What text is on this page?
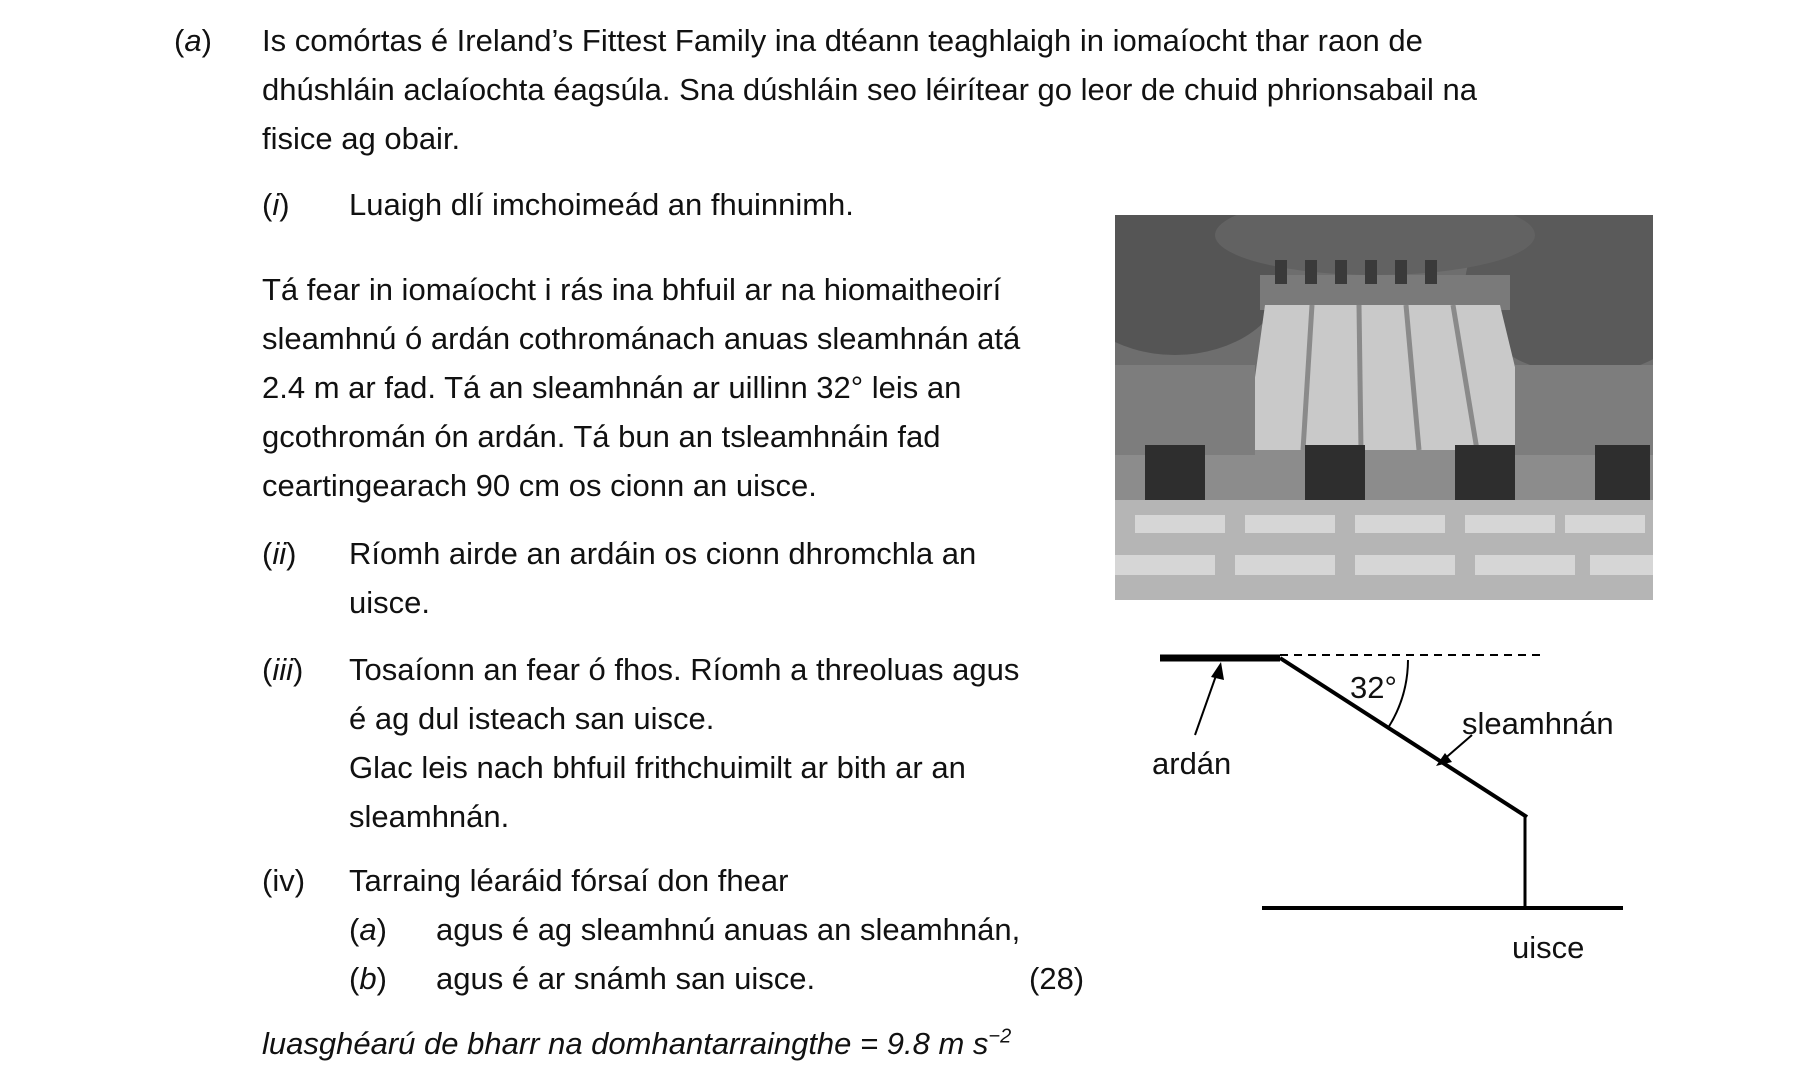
(a) Is comórtas é Ireland’s Fittest Family ina dtéann teaghlaigh in iomaíocht thar raon de
dhúshláin aclaíochta éagsúla. Sna dúshláin seo léirítear go leor de chuid phrionsabail na
fisice ag obair.
(i) Luaigh dlí imchoimeád an fhuinnimh.
Tá fear in iomaíocht i rás ina bhfuil ar na hiomaitheoirí
sleamhnú ó ardán cothrománach anuas sleamhnán atá
2.4 m ar fad. Tá an sleamhnán ar uillinn 32° leis an
gcothromán ón ardán. Tá bun an tsleamhnáin fad
ceartingearach 90 cm os cionn an uisce.
(ii) Ríomh airde an ardáin os cionn dhromchla an
uisce.
(iii) Tosaíonn an fear ó fhos. Ríomh a threoluas agus
é ag dul isteach san uisce.
Glac leis nach bhfuil frithchuimilt ar bith ar an
sleamhnán.
(iv) Tarraing léaráid fórsaí don fhear
(a) agus é ag sleamhnú anuas an sleamhnán,
(b) agus é ar snámh san uisce.	(28)
luasghéarú de bharr na domhantarraingthe = 9.8 m $s^{-2}$
32°
sleamhnán
ardán
uisce
